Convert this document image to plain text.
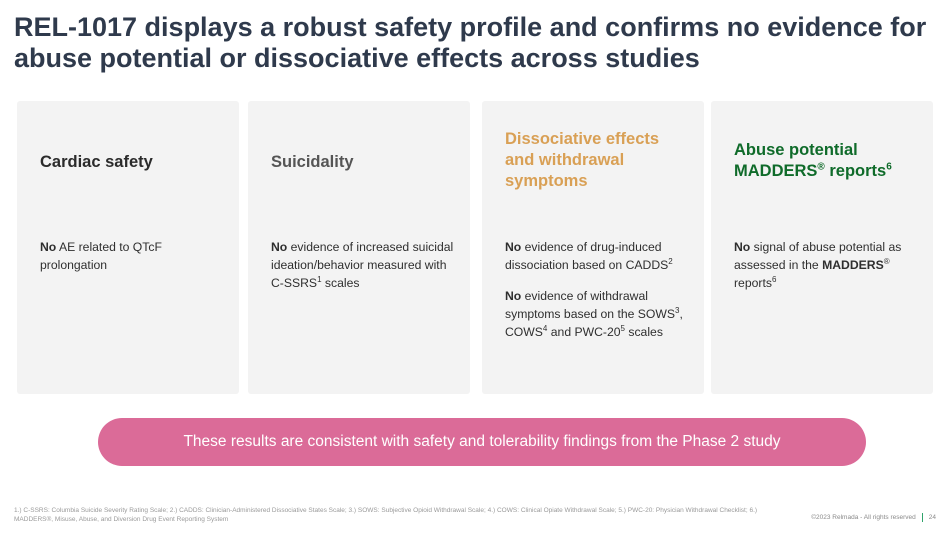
REL-1017 displays a robust safety profile and confirms no evidence for abuse potential or dissociative effects across studies
Cardiac safety
No AE related to QTcF prolongation
Suicidality
No evidence of increased suicidal ideation/behavior measured with C-SSRS$^1$ scales
Dissociative effects and withdrawal symptoms
No evidence of drug-induced dissociation based on CADDS$^2$
No evidence of withdrawal symptoms based on the SOWS$^3$, COWS$^4$ and PWC-$20^5$ scales
Abuse potential
MADDERS® reports$^6$
No signal of abuse potential as assessed in the MADDERS® reports$^6$
These results are consistent with safety and tolerability findings from the Phase 2 study
1.) C-SSRS: Columbia Suicide Severity Rating Scale; 2.) CADDS: Clinician-Administered Dissociative States Scale; 3.) SOWS: Subjective Opioid Withdrawal Scale; 4.) COWS: Clinical Opiate Withdrawal Scale; 5.) PWC-20: Physician Withdrawal Checklist; 6.) MADDERS®, Misuse, Abuse, and Diversion Drug Event Reporting System	©2023 Relmada - All rights reserved 24
